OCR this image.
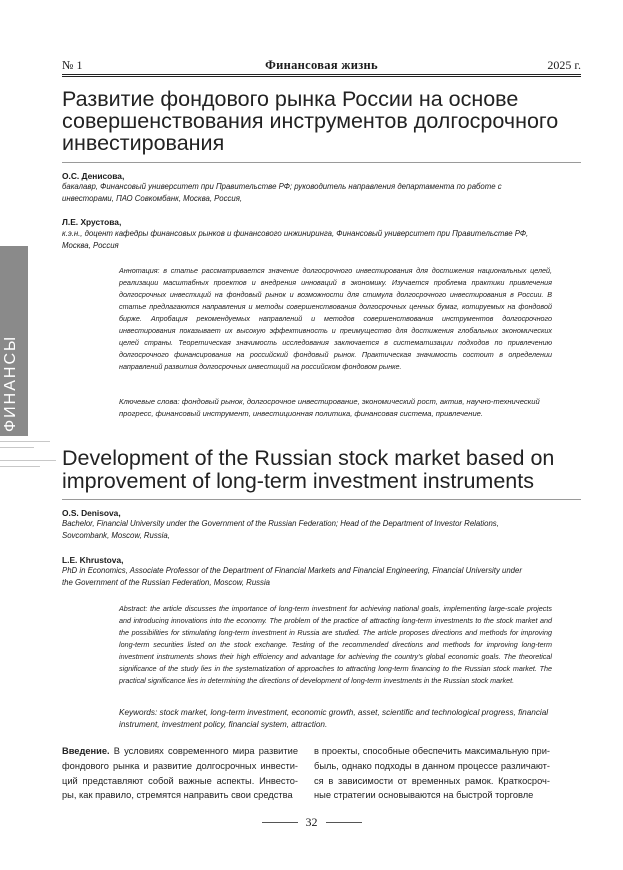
№ 1	Финансовая жизнь	2025 г.
Развитие фондового рынка России на основе совершенствования инструментов долгосрочного инвестирования
О.С. Денисова,
бакалавр, Финансовый университет при Правительстве РФ; руководитель направления департамента по работе с инвесторами, ПАО Совкомбанк, Москва, Россия,
Л.Е. Хрустова,
к.э.н., доцент кафедры финансовых рынков и финансового инжиниринга, Финансовый университет при Правительстве РФ, Москва, Россия
Аннотация: в статье рассматривается значение долгосрочного инвестирования для достижения национальных целей, реализации масштабных проектов и внедрения инноваций в экономику. Изучается проблема практики привлечения долгосрочных инвестиций на фондовый рынок и возможности для стимула долгосрочного инвестирования в России. В статье предлагаются направления и методы совершенствования долгосрочных ценных бумаг, котируемых на фондовой бирже. Апробация рекомендуемых направлений и методов совершенствования инструментов долгосрочного инвестирования показывает их высокую эффективность и преимущество для достижения глобальных экономических целей страны. Теоретическая значимость исследования заключается в систематизации подходов по привлечению долгосрочного финансирования на российский фондовый рынок. Практическая значимость состоит в определении направлений развития долгосрочных инвестиций на российском фондовом рынке.
Ключевые слова: фондовый рынок, долгосрочное инвестирование, экономический рост, актив, научно-технический прогресс, финансовый инструмент, инвестиционная политика, финансовая система, привлечение.
ФИНАНСЫ
Development of the Russian stock market based on improvement of long-term investment instruments
O.S. Denisova,
Bachelor, Financial University under the Government of the Russian Federation; Head of the Department of Investor Relations, Sovcombank, Moscow, Russia,
L.E. Khrustova,
PhD in Economics, Associate Professor of the Department of Financial Markets and Financial Engineering, Financial University under the Government of the Russian Federation, Moscow, Russia
Abstract: the article discusses the importance of long-term investment for achieving national goals, implementing large-scale projects and introducing innovations into the economy. The problem of the practice of attracting long-term investments to the stock market and the possibilities for stimulating long-term investment in Russia are studied. The article proposes directions and methods for improving long-term securities listed on the stock exchange. Testing of the recommended directions and methods for improving long-term investment instruments shows their high efficiency and advantage for achieving the country's global economic goals. The theoretical significance of the study lies in the systematization of approaches to attracting long-term financing to the Russian stock market. The practical significance lies in determining the directions of development of long-term investments in the Russian stock market.
Keywords: stock market, long-term investment, economic growth, asset, scientific and technological progress, financial instrument, investment policy, financial system, attraction.
Введение. В условиях современного мира развитие фондового рынка и развитие долгосрочных инвести-ций представляют собой важные аспекты. Инвесто-ры, как правило, стремятся направить свои средства
в проекты, способные обеспечить максимальную при-быль, однако подходы в данном процессе различают-ся в зависимости от временных рамок. Краткосроч-ные стратегии основываются на быстрой торговле
32
